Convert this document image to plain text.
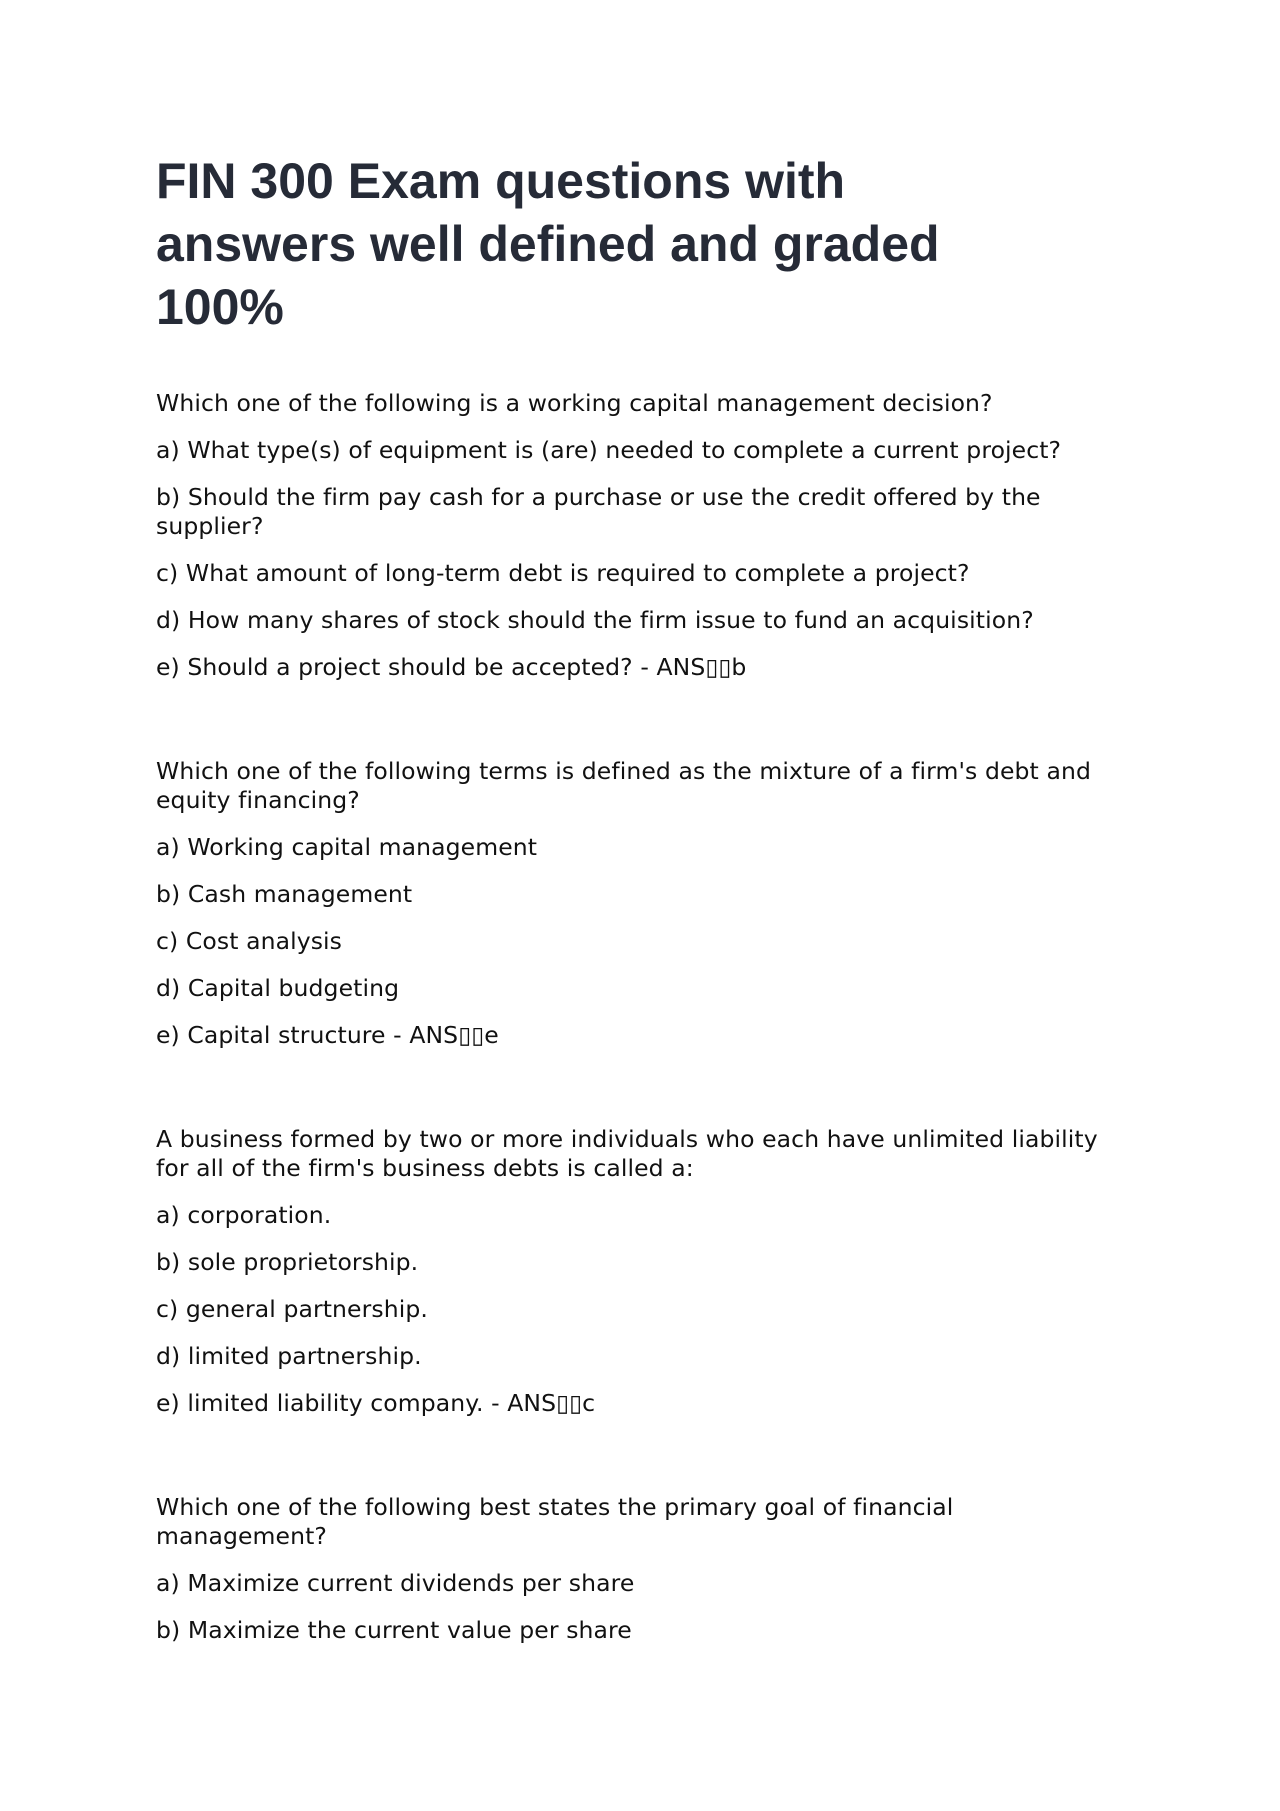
FIN 300 Exam questions with answers well defined and graded 100%

Which one of the following is a working capital management decision?

a) What type(s) of equipment is (are) needed to complete a current project?

b) Should the firm pay cash for a purchase or use the credit offered by the supplier?

c) What amount of long-term debt is required to complete a project?

d) How many shares of stock should the firm issue to fund an acquisition?

e) Should a project should be accepted? - ANS▯▯b

Which one of the following terms is defined as the mixture of a firm's debt and equity financing?

a) Working capital management

b) Cash management

c) Cost analysis

d) Capital budgeting

e) Capital structure - ANS▯▯e

A business formed by two or more individuals who each have unlimited liability for all of the firm's business debts is called a:

a) corporation.

b) sole proprietorship.

c) general partnership.

d) limited partnership.

e) limited liability company. - ANS▯▯c

Which one of the following best states the primary goal of financial management?

a) Maximize current dividends per share

b) Maximize the current value per share
